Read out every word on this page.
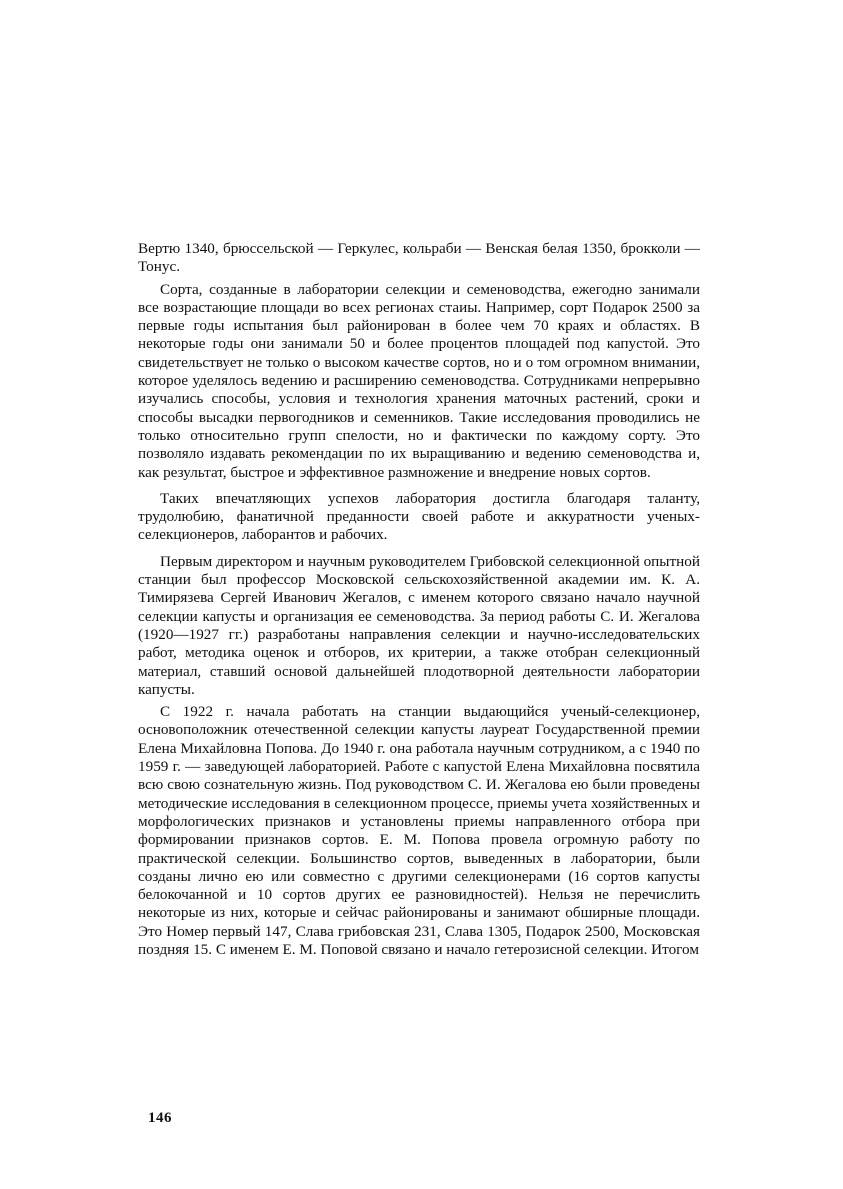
Вертю 1340, брюссельской — Геркулес, кольраби — Венская белая 1350, брокколи — Тонус.

Сорта, созданные в лаборатории селекции и семеноводства, ежегодно занимали все возрастающие площади во всех регионах стаиы. Например, сорт Подарок 2500 за первые годы испытания был районирован в более чем 70 краях и областях. В некоторые годы они занимали 50 и более процентов площадей под капустой. Это свидетельствует не только о высоком качестве сортов, но и о том огромном внимании, которое уделялось ведению и расширению семеноводства. Сотрудниками непрерывно изучались способы, условия и технология хранения маточных растений, сроки и способы высадки первогодников и семенников. Такие исследования проводились не только относительно групп спелости, но и фактически по каждому сорту. Это позволяло издавать рекомендации по их выращиванию и ведению семеноводства и, как результат, быстрое и эффективное размножение и внедрение новых сортов.

Таких впечатляющих успехов лаборатория достигла благодаря таланту, трудолюбию, фанатичной преданности своей работе и аккуратности ученых-селекционеров, лаборантов и рабочих.

Первым директором и научным руководителем Грибовской селекционной опытной станции был профессор Московской сельскохозяйственной академии им. К. А. Тимирязева Сергей Иванович Жегалов, с именем которого связано начало научной селекции капусты и организация ее семеноводства. За период работы С. И. Жегалова (1920—1927 гг.) разработаны направления селекции и научно-исследовательских работ, методика оценок и отборов, их критерии, а также отобран селекционный материал, ставший основой дальнейшей плодотворной деятельности лаборатории капусты.

С 1922 г. начала работать на станции выдающийся ученый-селекционер, основоположник отечественной селекции капусты лауреат Государственной премии Елена Михайловна Попова. До 1940 г. она работала научным сотрудником, а с 1940 по 1959 г. — заведующей лабораторией. Работе с капустой Елена Михайловна посвятила всю свою сознательную жизнь. Под руководством С. И. Жегалова ею были проведены методические исследования в селекционном процессе, приемы учета хозяйственных и морфологических признаков и установлены приемы направленного отбора при формировании признаков сортов. Е. М. Попова провела огромную работу по практической селекции. Большинство сортов, выведенных в лаборатории, были созданы лично ею или совместно с другими селекционерами (16 сортов капусты белокочанной и 10 сортов других ее разновидностей). Нельзя не перечислить некоторые из них, которые и сейчас районированы и занимают обширные площади. Это Номер первый 147, Слава грибовская 231, Слава 1305, Подарок 2500, Московская поздняя 15. С именем Е. М. Поповой связано и начало гетерозисной селекции. Итогом

146
